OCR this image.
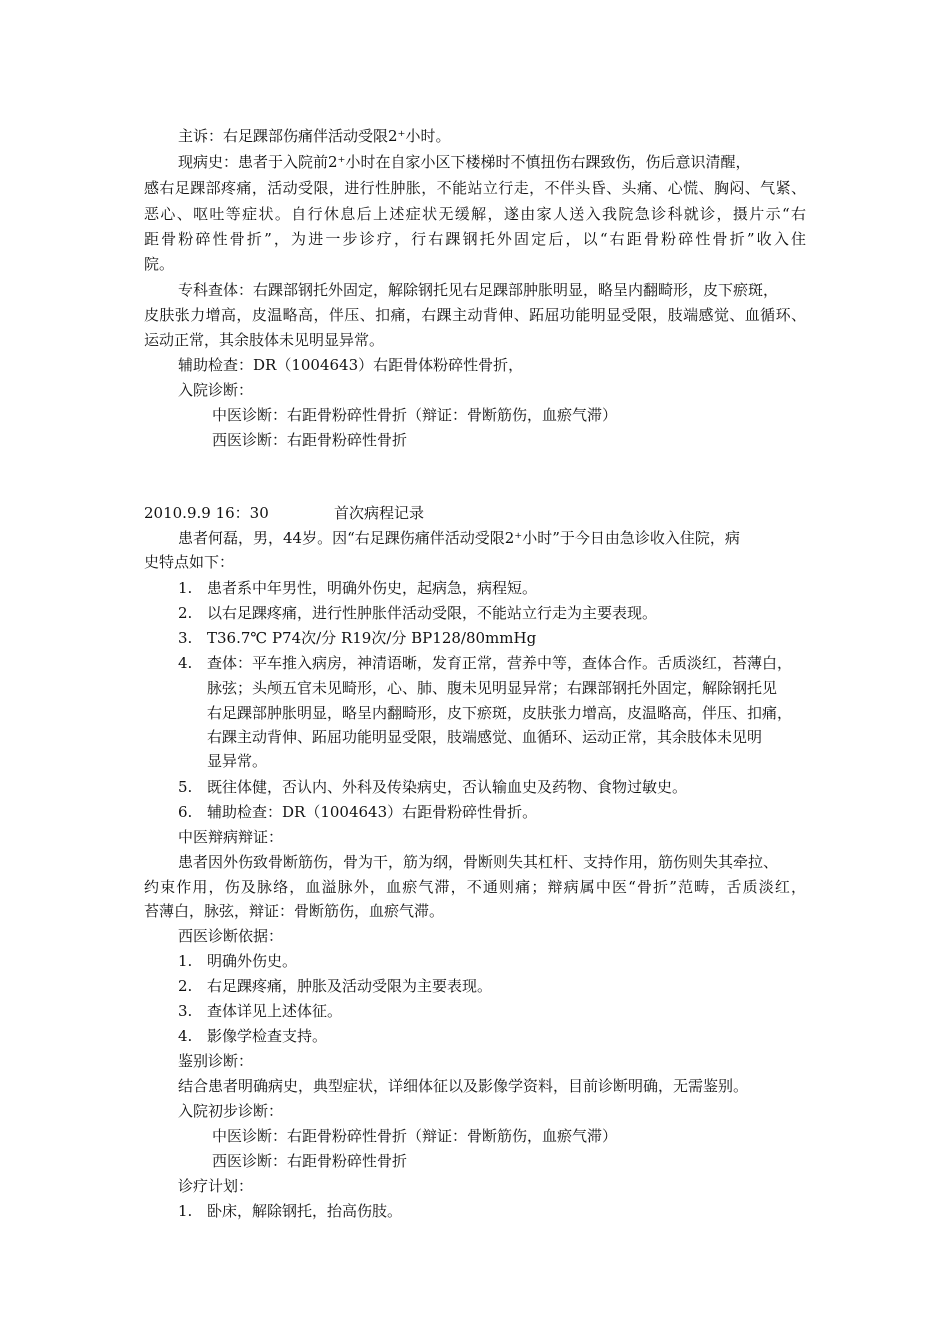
主诉：右足踝部伤痛伴活动受限2⁺小时。
现病史：患者于入院前2⁺小时在自家小区下楼梯时不慎扭伤右踝致伤，伤后意识清醒，
感右足踝部疼痛，活动受限，进行性肿胀，不能站立行走，不伴头昏、头痛、心慌、胸闷、气紧、
恶心、呕吐等症状。自行休息后上述症状无缓解，遂由家人送入我院急诊科就诊，摄片示“右
距骨粉碎性骨折”，为进一步诊疗，行右踝钢托外固定后，以“右距骨粉碎性骨折”收入住
院。
专科查体：右踝部钢托外固定，解除钢托见右足踝部肿胀明显，略呈内翻畸形，皮下瘀斑，
皮肤张力增高，皮温略高，伴压、扣痛，右踝主动背伸、跖屈功能明显受限，肢端感觉、血循环、
运动正常，其余肢体未见明显异常。
辅助检查：DR（1004643）右距骨体粉碎性骨折，
入院诊断：
中医诊断：右距骨粉碎性骨折（辩证：骨断筋伤，血瘀气滞）
西医诊断：右距骨粉碎性骨折
2010.9.9 16：30	首次病程记录
患者何磊，男，44岁。因“右足踝伤痛伴活动受限2⁺小时”于今日由急诊收入住院，病
史特点如下：
1. 患者系中年男性，明确外伤史，起病急，病程短。
2. 以右足踝疼痛，进行性肿胀伴活动受限，不能站立行走为主要表现。
3. T36.7℃ P74次/分 R19次/分 BP128/80mmHg
4. 查体：平车推入病房，神清语晰，发育正常，营养中等，查体合作。舌质淡红，苔薄白，
脉弦；头颅五官未见畸形，心、肺、腹未见明显异常；右踝部钢托外固定，解除钢托见
右足踝部肿胀明显，略呈内翻畸形，皮下瘀斑，皮肤张力增高，皮温略高，伴压、扣痛，
右踝主动背伸、跖屈功能明显受限，肢端感觉、血循环、运动正常，其余肢体未见明
显异常。
5. 既往体健，否认内、外科及传染病史，否认输血史及药物、食物过敏史。
6. 辅助检查：DR（1004643）右距骨粉碎性骨折。
中医辩病辩证：
患者因外伤致骨断筋伤，骨为干，筋为纲，骨断则失其杠杆、支持作用，筋伤则失其牵拉、
约束作用，伤及脉络，血溢脉外，血瘀气滞，不通则痛；辩病属中医“骨折”范畴，舌质淡红，
苔薄白，脉弦，辩证：骨断筋伤，血瘀气滞。
西医诊断依据：
1. 明确外伤史。
2. 右足踝疼痛，肿胀及活动受限为主要表现。
3. 查体详见上述体征。
4. 影像学检查支持。
鉴别诊断：
结合患者明确病史，典型症状，详细体征以及影像学资料，目前诊断明确，无需鉴别。
入院初步诊断：
中医诊断：右距骨粉碎性骨折（辩证：骨断筋伤，血瘀气滞）
西医诊断：右距骨粉碎性骨折
诊疗计划：
1. 卧床，解除钢托，抬高伤肢。
